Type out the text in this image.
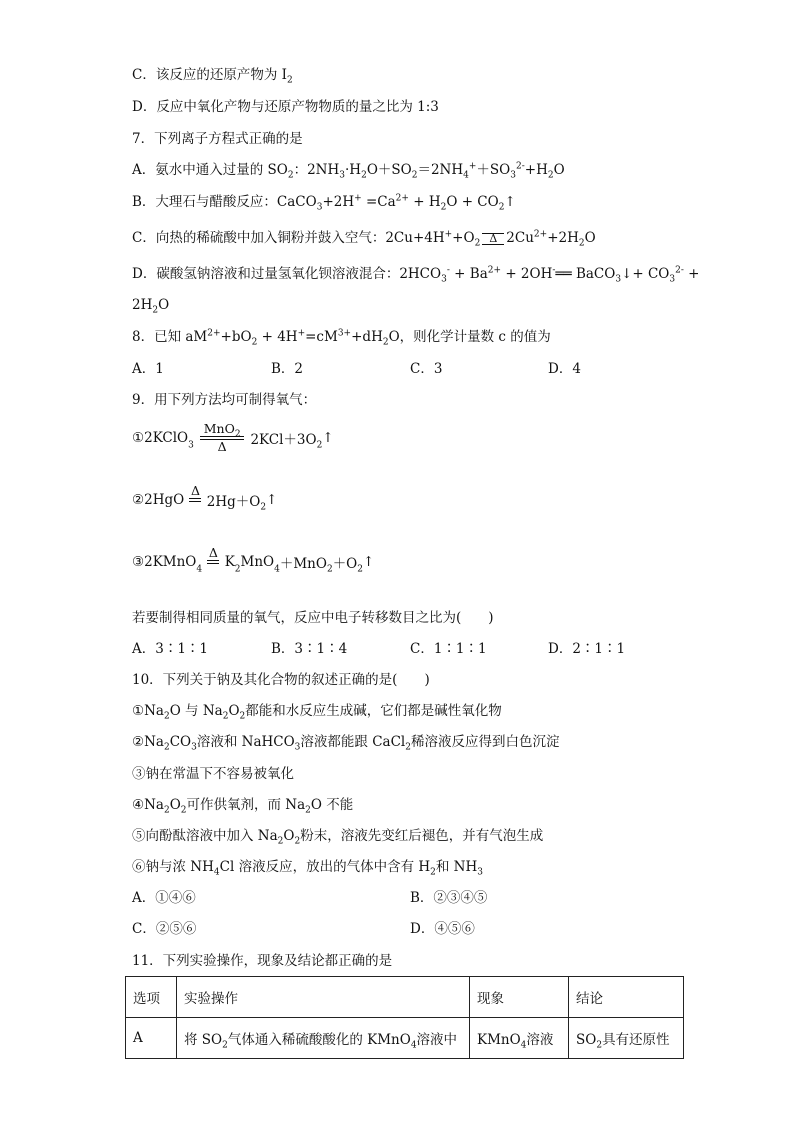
C．该反应的还原产物为 $I_2$
D．反应中氧化产物与还原产物物质的量之比为 1:3
7．下列离子方程式正确的是
A．氨水中通入过量的 $SO_2$：$2NH_3\cdot H_2O+SO_2=2NH_4^++SO_3^{2-}+H_2O$
B．大理石与醋酸反应：CaCO$_3$+2H+ $=Ca^{2+} + H_2O$ + $CO_2↑$
C．向热的稀硫酸中加入铜粉并鼓入空气：$2Cu+4H^++O_2$ Δ $2Cu^{2+}+2H_2O$
D．碳酸氢钠溶液和过量氢氧化钡溶液混合：$2HCO_3^- + Ba^{2+}$ + 2OH-══ BaCO$_3$↓+ $CO_3^{2-}$ +
$2H_2O$
8．已知 $aM^{2+}+bO_2 + 4H^+=cM^{3+}+dH_2O$，则化学计量数 c 的值为
A．1	B．2	C．3	D．4
9．用下列方法均可制得氧气：
①2KClO$_3$
MnO$_2$
Δ	$2KCl+3O_2↑$
②2HgO
Δ

$2Hg+O_2↑$
③2KMnO$_4$
Δ

$K_2MnO_4+MnO_2+O_2↑$
若要制得相同质量的氧气，反应中电子转移数目之比为(　　)
A．3∶1∶1	B．3∶1∶4	C．1∶1∶1	D．2∶1∶1
10．下列关于钠及其化合物的叙述正确的是(　　)
$①Na_2O$ 与 $Na_2O_2$都能和水反应生成碱，它们都是碱性氧化物
$②Na_2CO_3$溶液和 NaHCO$_3$溶液都能跟 CaCl$_2$稀溶液反应得到白色沉淀
③钠在常温下不容易被氧化
$④Na_2O_2$可作供氧剂，而 $Na_2O$ 不能
⑤向酚酞溶液中加入 $Na_2O_2$粉末，溶液先变红后褪色，并有气泡生成
⑥钠与浓 $NH_4Cl$ 溶液反应，放出的气体中含有 $H_2$和 $NH_3$
A．①④⑥	B．②③④⑤
C．②⑤⑥	D．④⑤⑥
11．下列实验操作，现象及结论都正确的是
选项	实验操作	现象	结论
A	将 $SO_2$气体通入稀硫酸酸化的 KMnO$_4$溶液中	KMnO$_4$溶液	$SO_2$具有还原性
